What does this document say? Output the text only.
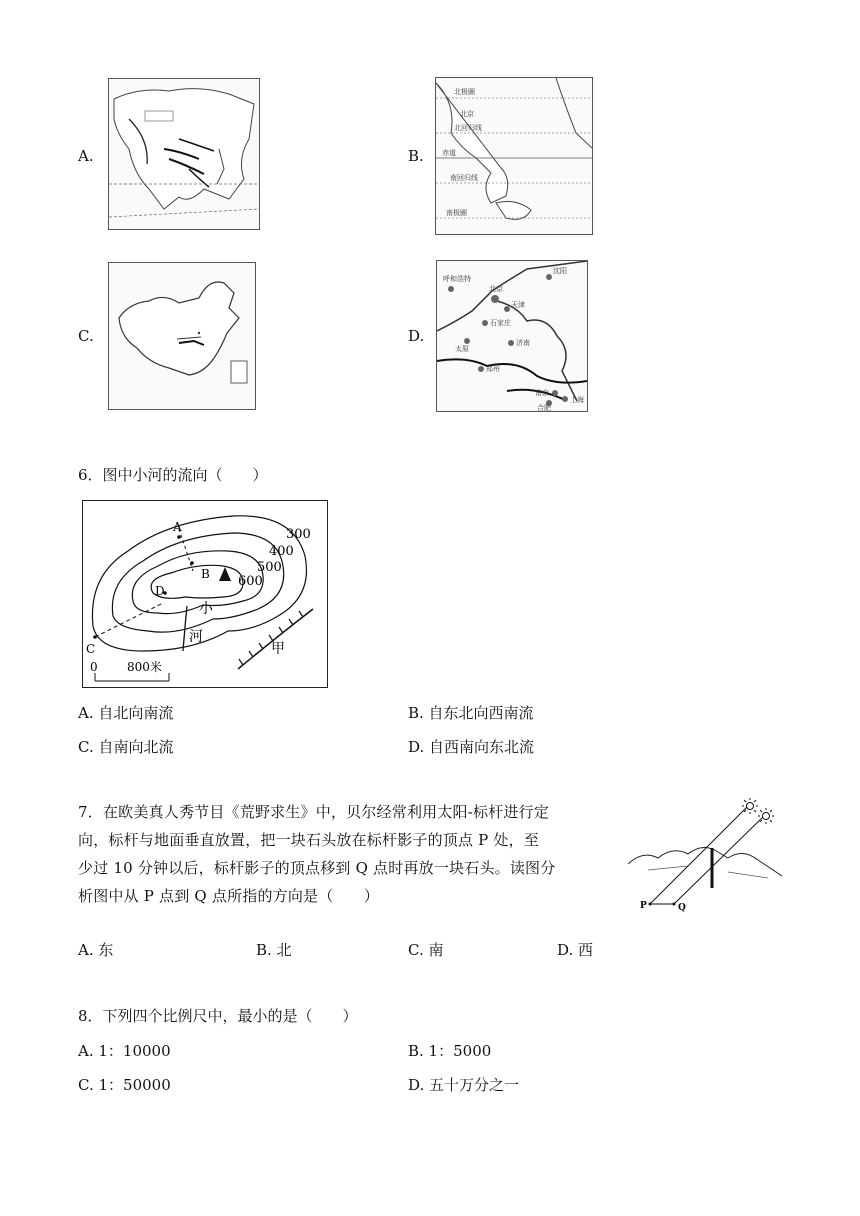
A.	B.
北极圈
北京
北回归线
赤道
南回归线
南极圈
C.	D.
呼和浩特
沈阳
北京
天津
石家庄
太原
济南
郑州
合肥
上海
南京
6．图中小河的流向（　　）
300
400
500
600
A
B
C
D
小
河
甲
0 800米
A. 自北向南流	B. 自东北向西南流
C. 自南向北流	D. 自西南向东北流
7．在欧美真人秀节目《荒野求生》中，贝尔经常利用太阳-标杆进行定
向，标杆与地面垂直放置，把一块石头放在标杆影子的顶点 P 处，至
少过 10 分钟以后，标杆影子的顶点移到 Q 点时再放一块石头。读图分
析图中从 P 点到 Q 点所指的方向是（　　）
P	Q
A. 东	B. 北	C. 南	D. 西
8．下列四个比例尺中，最小的是（　　）
A. 1：10000	B. 1：5000
C. 1：50000	D. 五十万分之一
